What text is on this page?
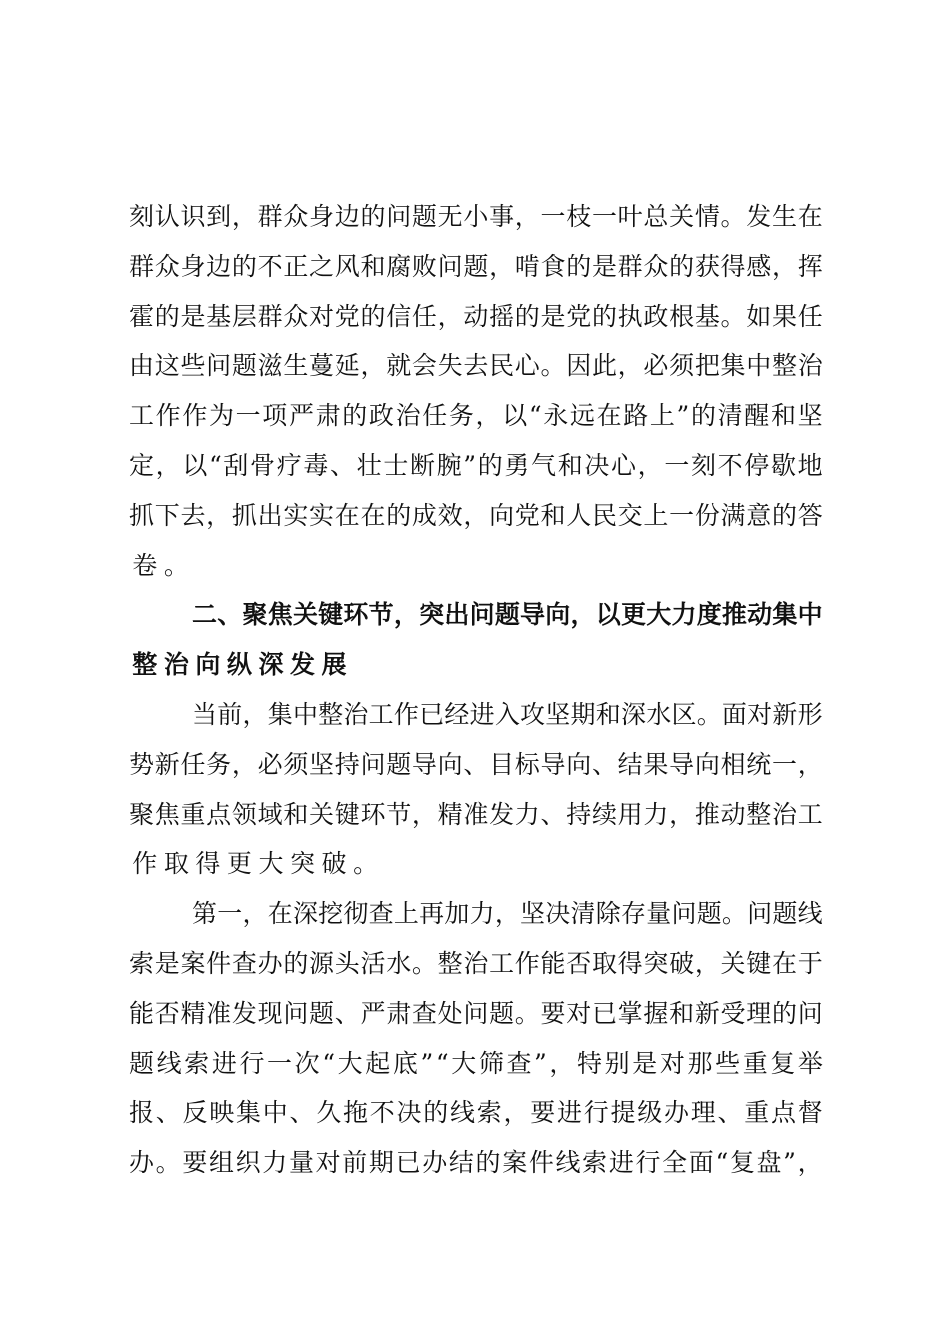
刻 认 识 到 ， 群 众 身 边 的 问 题 无 小 事 ， 一 枝 一 叶 总 关 情 。 发 生 在
群 众 身 边 的 不 正 之 风 和 腐 败 问 题 ， 啃 食 的 是 群 众 的 获 得 感 ， 挥
霍 的 是 基 层 群 众 对 党 的 信 任 ， 动 摇 的 是 党 的 执 政 根 基 。 如 果 任
由 这 些 问 题 滋 生 蔓 延 ， 就 会 失 去 民 心 。 因 此 ， 必 须 把 集 中 整 治
工 作 作 为 一 项 严 肃 的 政 治 任 务 ， 以 “ 永 远 在 路 上 ” 的 清 醒 和 坚
定 ， 以 “ 刮 骨 疗 毒 、 壮 士 断 腕 ” 的 勇 气 和 决 心 ， 一 刻 不 停 歇 地
抓 下 去 ， 抓 出 实 实 在 在 的 成 效 ， 向 党 和 人 民 交 上 一 份 满 意 的 答
卷 。
二 、 聚 焦 关 键 环 节 ， 突 出 问 题 导 向 ， 以 更 大 力 度 推 动 集 中
整 治 向 纵 深 发 展
当 前 ， 集 中 整 治 工 作 已 经 进 入 攻 坚 期 和 深 水 区 。 面 对 新 形
势 新 任 务 ， 必 须 坚 持 问 题 导 向 、 目 标 导 向 、 结 果 导 向 相 统 一 ，
聚 焦 重 点 领 域 和 关 键 环 节 ， 精 准 发 力 、 持 续 用 力 ， 推 动 整 治 工
作 取 得 更 大 突 破 。
第 一 ， 在 深 挖 彻 查 上 再 加 力 ， 坚 决 清 除 存 量 问 题 。 问 题 线
索 是 案 件 查 办 的 源 头 活 水 。 整 治 工 作 能 否 取 得 突 破 ， 关 键 在 于
能 否 精 准 发 现 问 题 、 严 肃 查 处 问 题 。 要 对 已 掌 握 和 新 受 理 的 问
题 线 索 进 行 一 次 “ 大 起 底 ” “ 大 筛 查 ” ， 特 别 是 对 那 些 重 复 举
报 、 反 映 集 中 、 久 拖 不 决 的 线 索 ， 要 进 行 提 级 办 理 、 重 点 督
办 。 要 组 织 力 量 对 前 期 已 办 结 的 案 件 线 索 进 行 全 面 “ 复 盘 ” ，
